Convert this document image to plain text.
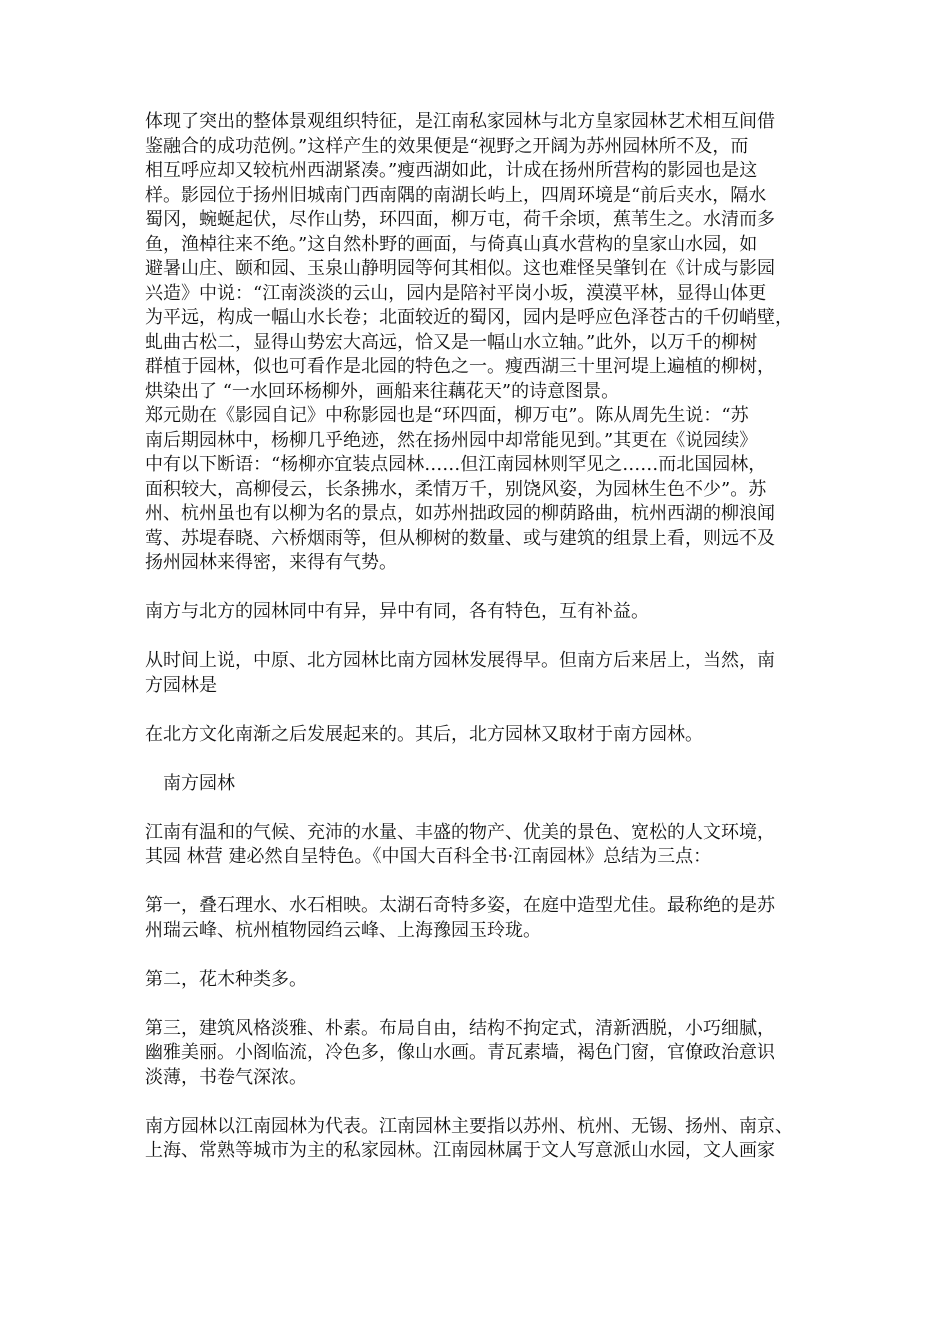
体现了突出的整体景观组织特征，是江南私家园林与北方皇家园林艺术相互间借
鉴融合的成功范例。”这样产生的效果便是“视野之开阔为苏州园林所不及，而
相互呼应却又较杭州西湖紧凑。”瘦西湖如此，计成在扬州所营构的影园也是这
样。影园位于扬州旧城南门西南隅的南湖长屿上，四周环境是“前后夹水，隔水
蜀冈，蜿蜒起伏，尽作山势，环四面，柳万屯，荷千余顷，蕉苇生之。水清而多
鱼，渔棹往来不绝。”这自然朴野的画面，与倚真山真水营构的皇家山水园，如
避暑山庄、颐和园、玉泉山静明园等何其相似。这也难怪吴肇钊在《计成与影园
兴造》中说：“江南淡淡的云山，园内是陪衬平岗小坂，漠漠平林，显得山体更
为平远，构成一幅山水长卷；北面较近的蜀冈，园内是呼应色泽苍古的千仞峭壁，
虬曲古松二，显得山势宏大高远，恰又是一幅山水立轴。”此外，以万千的柳树
群植于园林，似也可看作是北园的特色之一。瘦西湖三十里河堤上遍植的柳树，
烘染出了 “一水回环杨柳外，画船来往藕花天”的诗意图景。
郑元勋在《影园自记》中称影园也是“环四面，柳万屯”。陈从周先生说：“苏
南后期园林中，杨柳几乎绝迹，然在扬州园中却常能见到。”其更在《说园续》
中有以下断语：“杨柳亦宜装点园林……但江南园林则罕见之……而北国园林，
面积较大，高柳侵云，长条拂水，柔情万千，别饶风姿，为园林生色不少”。苏
州、杭州虽也有以柳为名的景点，如苏州拙政园的柳荫路曲，杭州西湖的柳浪闻
莺、苏堤春晓、六桥烟雨等，但从柳树的数量、或与建筑的组景上看，则远不及
扬州园林来得密，来得有气势。
南方与北方的园林同中有异，异中有同，各有特色，互有补益。
从时间上说，中原、北方园林比南方园林发展得早。但南方后来居上，当然，南
方园林是
在北方文化南渐之后发展起来的。其后，北方园林又取材于南方园林。
南方园林
江南有温和的气候、充沛的水量、丰盛的物产、优美的景色、宽松的人文环境，
其园 林营 建必然自呈特色。《中国大百科全书·江南园林》总结为三点：
第一，叠石理水、水石相映。太湖石奇特多姿，在庭中造型尤佳。最称绝的是苏
州瑞云峰、杭州植物园绉云峰、上海豫园玉玲珑。
第二，花木种类多。
第三，建筑风格淡雅、朴素。布局自由，结构不拘定式，清新洒脱，小巧细腻，
幽雅美丽。小阁临流，冷色多，像山水画。青瓦素墙，褐色门窗，官僚政治意识
淡薄，书卷气深浓。
南方园林以江南园林为代表。江南园林主要指以苏州、杭州、无锡、扬州、南京、
上海、常熟等城市为主的私家园林。江南园林属于文人写意派山水园，文人画家
